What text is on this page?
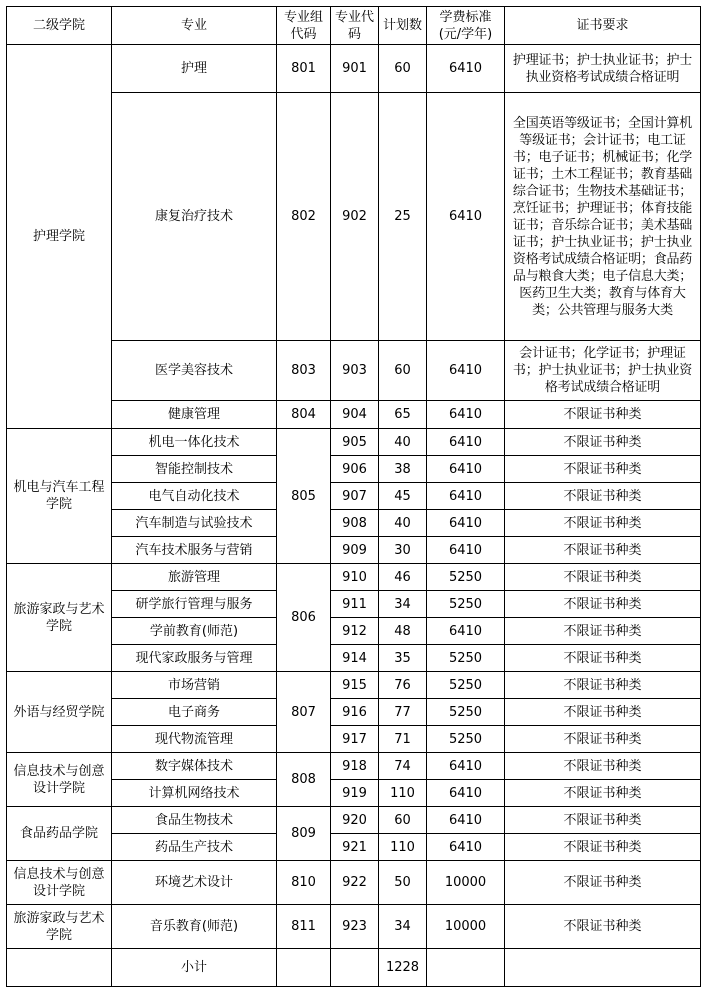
二级学院	专业	专业组代码	专业代码	计划数	学费标准(元/学年)	证书要求
护理学院	护理	801	901	60	6410	护理证书；护士执业证书；护士执业资格考试成绩合格证明
	康复治疗技术	802	902	25	6410	全国英语等级证书；全国计算机等级证书；会计证书；电工证书；电子证书；机械证书；化学证书；土木工程证书；教育基础综合证书；生物技术基础证书；烹饪证书；护理证书；体育技能证书；音乐综合证书；美术基础证书；护士执业证书；护士执业资格考试成绩合格证明；食品药品与粮食大类；电子信息大类；医药卫生大类；教育与体育大类；公共管理与服务大类
	医学美容技术	803	903	60	6410	会计证书；化学证书；护理证书；护士执业证书；护士执业资格考试成绩合格证明
	健康管理	804	904	65	6410	不限证书种类
机电与汽车工程学院	机电一体化技术	805	905	40	6410	不限证书种类
	智能控制技术		906	38	6410	不限证书种类
	电气自动化技术		907	45	6410	不限证书种类
	汽车制造与试验技术		908	40	6410	不限证书种类
	汽车技术服务与营销		909	30	6410	不限证书种类
旅游家政与艺术学院	旅游管理	806	910	46	5250	不限证书种类
	研学旅行管理与服务		911	34	5250	不限证书种类
	学前教育(师范)		912	48	6410	不限证书种类
	现代家政服务与管理		914	35	5250	不限证书种类
外语与经贸学院	市场营销	807	915	76	5250	不限证书种类
	电子商务		916	77	5250	不限证书种类
	现代物流管理		917	71	5250	不限证书种类
信息技术与创意设计学院	数字媒体技术	808	918	74	6410	不限证书种类
	计算机网络技术		919	110	6410	不限证书种类
食品药品学院	食品生物技术	809	920	60	6410	不限证书种类
	药品生产技术		921	110	6410	不限证书种类
信息技术与创意设计学院	环境艺术设计	810	922	50	10000	不限证书种类
旅游家政与艺术学院	音乐教育(师范)	811	923	34	10000	不限证书种类
	小计			1228		
